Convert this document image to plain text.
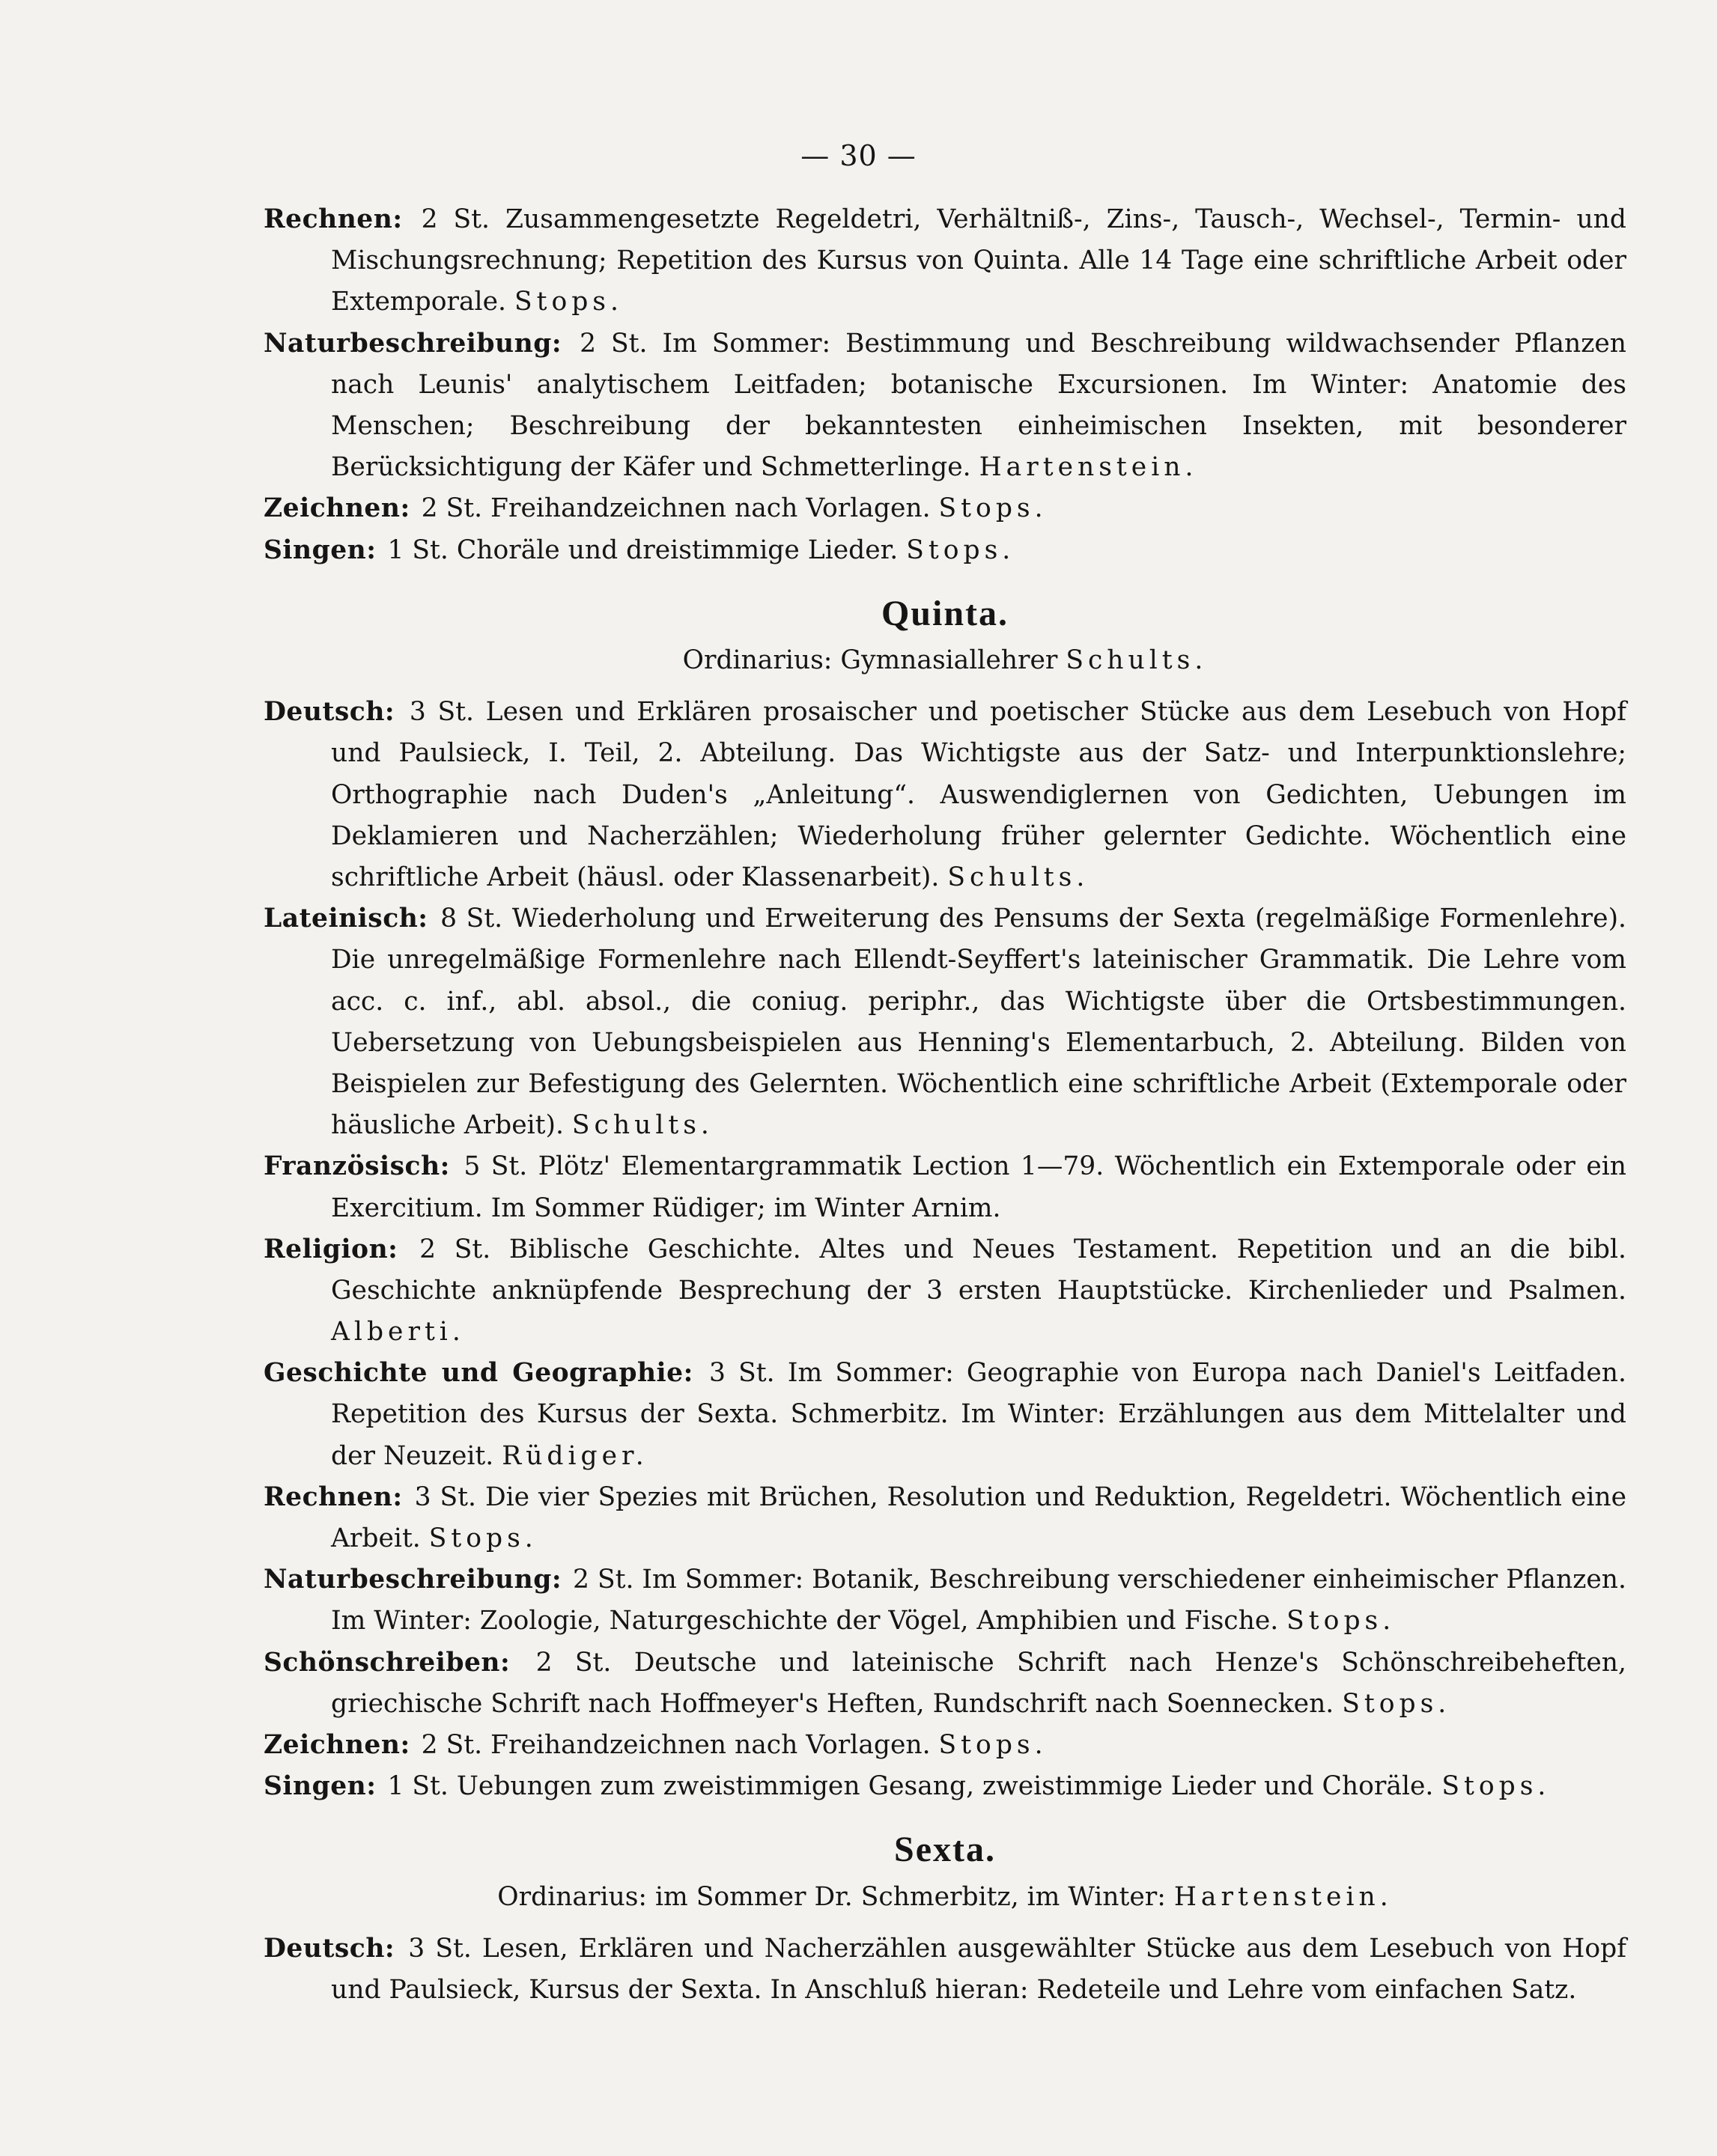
— 30 —

Rechnen: 2 St. Zusammengesetzte Regeldetri, Verhältniß-, Zins-, Tausch-, Wechsel-, Termin- und Mischungsrechnung; Repetition des Kursus von Quinta. Alle 14 Tage eine schriftliche Arbeit oder Extemporale. Stops.

Naturbeschreibung: 2 St. Im Sommer: Bestimmung und Beschreibung wildwachsender Pflanzen nach Leunis' analytischem Leitfaden; botanische Excursionen. Im Winter: Anatomie des Menschen; Beschreibung der bekanntesten einheimischen Insekten, mit besonderer Berücksichtigung der Käfer und Schmetterlinge. Hartenstein.

Zeichnen: 2 St. Freihandzeichnen nach Vorlagen. Stops.

Singen: 1 St. Choräle und dreistimmige Lieder. Stops.

Quinta.
Ordinarius: Gymnasiallehrer Schults.

Deutsch: 3 St. Lesen und Erklären prosaischer und poetischer Stücke aus dem Lesebuch von Hopf und Paulsieck, I. Teil, 2. Abteilung. Das Wichtigste aus der Satz- und Interpunktionslehre; Orthographie nach Duden's „Anleitung“. Auswendiglernen von Gedichten, Uebungen im Deklamieren und Nacherzählen; Wiederholung früher gelernter Gedichte. Wöchentlich eine schriftliche Arbeit (häusl. oder Klassenarbeit). Schults.

Lateinisch: 8 St. Wiederholung und Erweiterung des Pensums der Sexta (regelmäßige Formenlehre). Die unregelmäßige Formenlehre nach Ellendt-Seyffert's lateinischer Grammatik. Die Lehre vom acc. c. inf., abl. absol., die coniug. periphr., das Wichtigste über die Ortsbestimmungen. Uebersetzung von Uebungsbeispielen aus Henning's Elementarbuch, 2. Abteilung. Bilden von Beispielen zur Befestigung des Gelernten. Wöchentlich eine schriftliche Arbeit (Extemporale oder häusliche Arbeit). Schults.

Französisch: 5 St. Plötz' Elementargrammatik Lection 1—79. Wöchentlich ein Extemporale oder ein Exercitium. Im Sommer Rüdiger; im Winter Arnim.

Religion: 2 St. Biblische Geschichte. Altes und Neues Testament. Repetition und an die bibl. Geschichte anknüpfende Besprechung der 3 ersten Hauptstücke. Kirchenlieder und Psalmen. Alberti.

Geschichte und Geographie: 3 St. Im Sommer: Geographie von Europa nach Daniel's Leitfaden. Repetition des Kursus der Sexta. Schmerbitz. Im Winter: Erzählungen aus dem Mittelalter und der Neuzeit. Rüdiger.

Rechnen: 3 St. Die vier Spezies mit Brüchen, Resolution und Reduktion, Regeldetri. Wöchentlich eine Arbeit. Stops.

Naturbeschreibung: 2 St. Im Sommer: Botanik, Beschreibung verschiedener einheimischer Pflanzen. Im Winter: Zoologie, Naturgeschichte der Vögel, Amphibien und Fische. Stops.

Schönschreiben: 2 St. Deutsche und lateinische Schrift nach Henze's Schönschreibeheften, griechische Schrift nach Hoffmeyer's Heften, Rundschrift nach Soennecken. Stops.

Zeichnen: 2 St. Freihandzeichnen nach Vorlagen. Stops.

Singen: 1 St. Uebungen zum zweistimmigen Gesang, zweistimmige Lieder und Choräle. Stops.

Sexta.
Ordinarius: im Sommer Dr. Schmerbitz, im Winter: Hartenstein.

Deutsch: 3 St. Lesen, Erklären und Nacherzählen ausgewählter Stücke aus dem Lesebuch von Hopf und Paulsieck, Kursus der Sexta. In Anschluß hieran: Redeteile und Lehre vom einfachen Satz.
